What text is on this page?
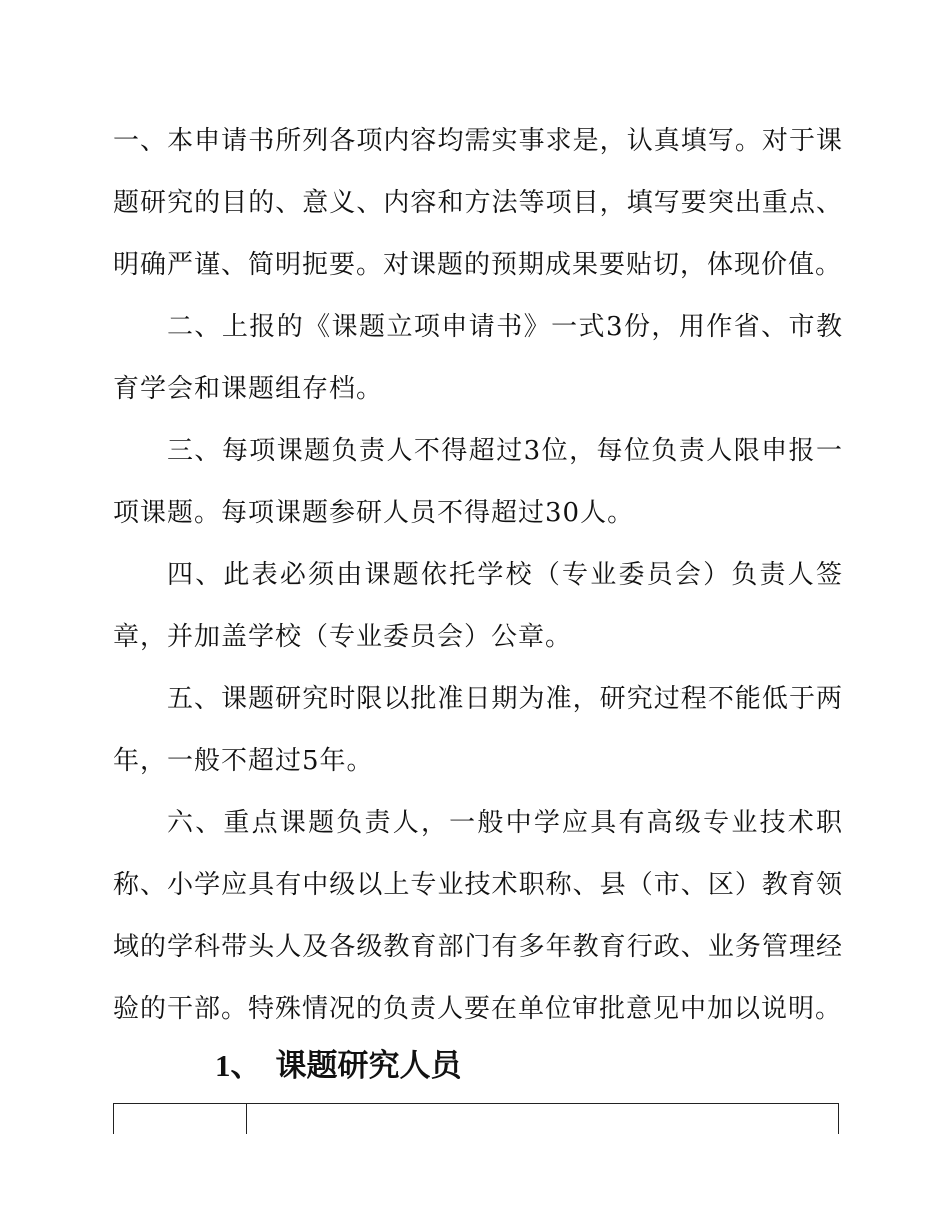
一、本申请书所列各项内容均需实事求是，认真填写。对于课题研究的目的、意义、内容和方法等项目，填写要突出重点、明确严谨、简明扼要。对课题的预期成果要贴切，体现价值。

二、上报的《课题立项申请书》一式3份，用作省、市教育学会和课题组存档。

三、每项课题负责人不得超过3位，每位负责人限申报一项课题。每项课题参研人员不得超过30人。

四、此表必须由课题依托学校（专业委员会）负责人签章，并加盖学校（专业委员会）公章。

五、课题研究时限以批准日期为准，研究过程不能低于两年，一般不超过5年。

六、重点课题负责人，一般中学应具有高级专业技术职称、小学应具有中级以上专业技术职称、县（市、区）教育领域的学科带头人及各级教育部门有多年教育行政、业务管理经验的干部。特殊情况的负责人要在单位审批意见中加以说明。

1、 课题研究人员
